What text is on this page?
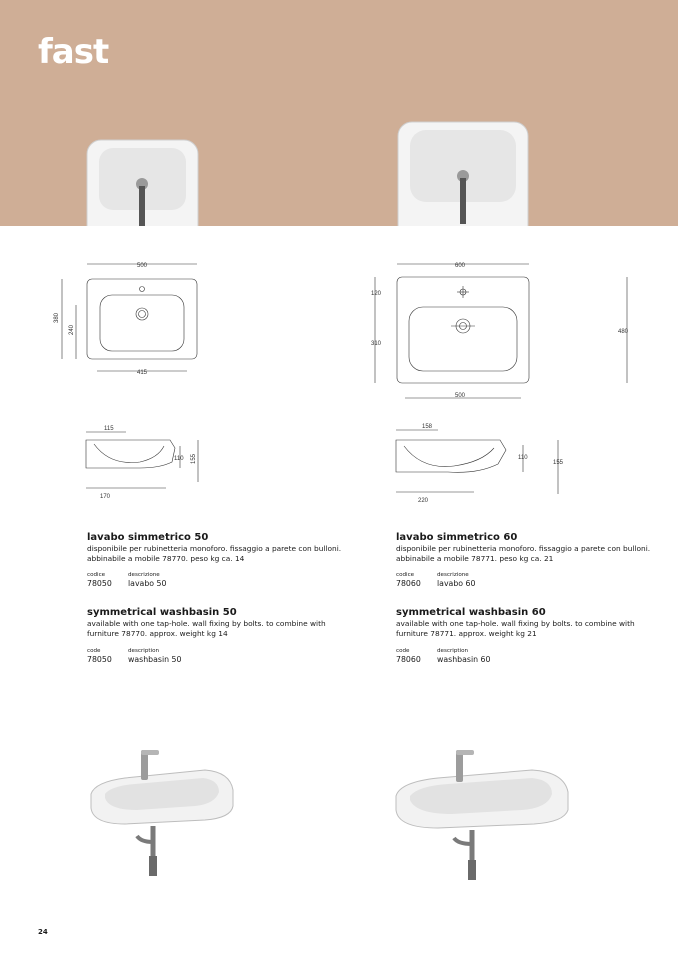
fast
500
380
240
415
115
110 155
170
600
120
310
480
500
158
110
155
220
lavabo simmetrico 50
disponibile per rubinetteria monoforo. fissaggio a parete con bulloni. abbinabile a mobile 78770. peso kg ca. 14
codice	descrizione
78050 lavabo 50
symmetrical washbasin 50
available with one tap-hole. wall fixing by bolts. to combine with furniture 78770. approx. weight kg 14
code	description
78050 washbasin 50
lavabo simmetrico 60
disponibile per rubinetteria monoforo. fissaggio a parete con bulloni. abbinabile a mobile 78771. peso kg ca. 21
codice	descrizione
78060 lavabo 60
symmetrical washbasin 60
available with one tap-hole. wall fixing by bolts. to combine with furniture 78771. approx. weight kg 21
code	description
78060 washbasin 60
24
